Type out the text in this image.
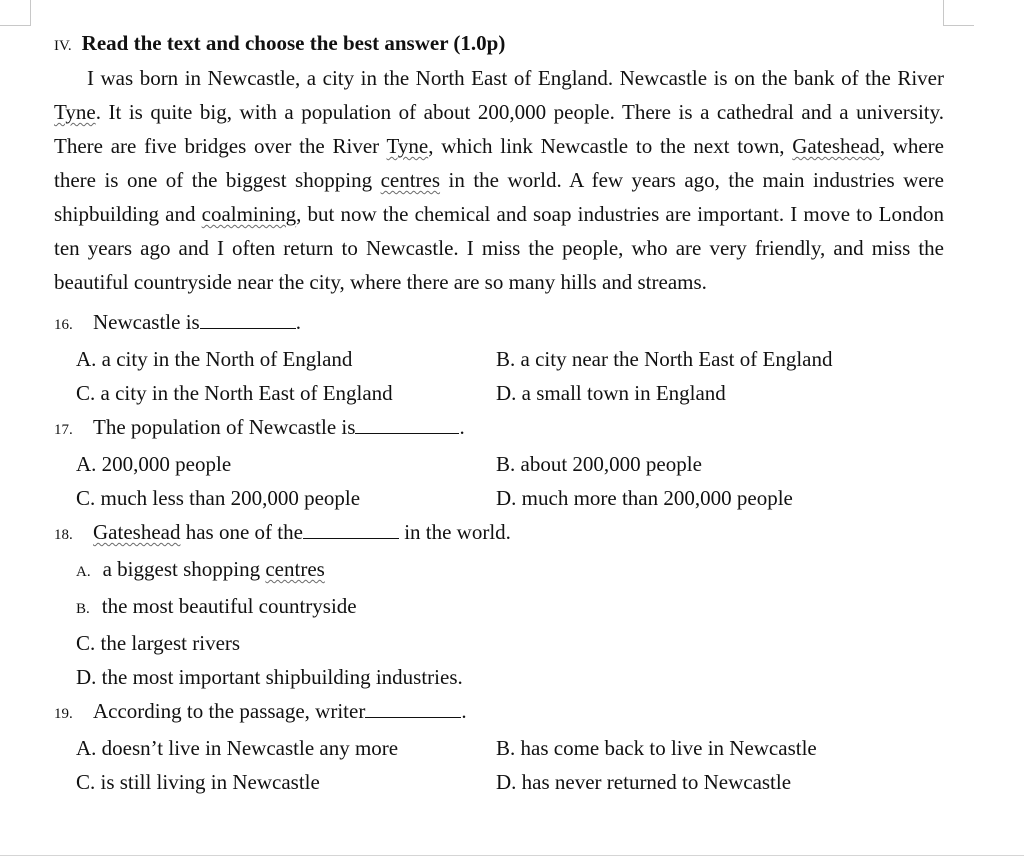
IV. Read the text and choose the best answer (1.0p)

I was born in Newcastle, a city in the North East of England. Newcastle is on the bank of the River Tyne. It is quite big, with a population of about 200,000 people. There is a cathedral and a university. There are five bridges over the River Tyne, which link Newcastle to the next town, Gateshead, where there is one of the biggest shopping centres in the world. A few years ago, the main industries were shipbuilding and coalmining, but now the chemical and soap industries are important. I move to London ten years ago and I often return to Newcastle. I miss the people, who are very friendly, and miss the beautiful countryside near the city, where there are so many hills and streams.

16. Newcastle is	.
A. a city in the North of England	B. a city near the North East of England
C. a city in the North East of England	D. a small town in England
17. The population of Newcastle is	.
A. 200,000 people	B. about 200,000 people
C. much less than 200,000 people	D. much more than 200,000 people
18. Gateshead has one of the	in the world.
A. a biggest shopping centres
B. the most beautiful countryside
C. the largest rivers
D. the most important shipbuilding industries.
19. According to the passage, writer	.
A. doesn’t live in Newcastle any more	B. has come back to live in Newcastle
C. is still living in Newcastle	D. has never returned to Newcastle
